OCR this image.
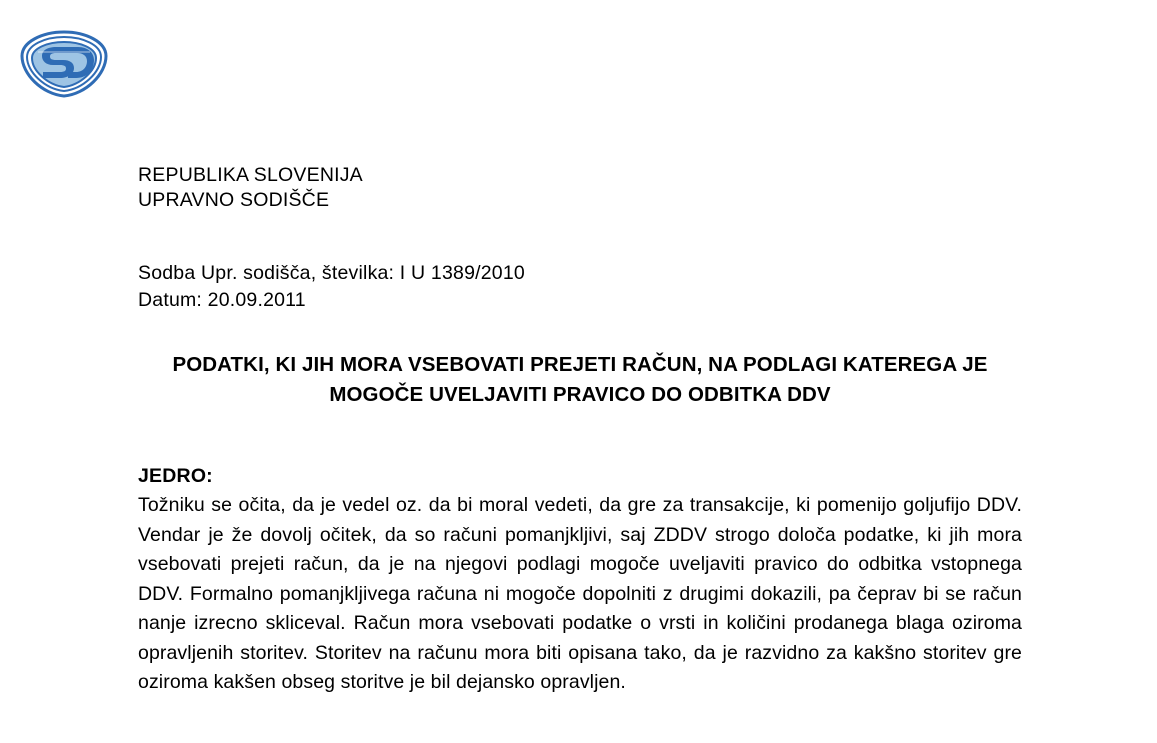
REPUBLIKA SLOVENIJA
UPRAVNO SODIŠČE
Sodba Upr. sodišča, številka: I U 1389/2010
Datum: 20.09.2011
PODATKI, KI JIH MORA VSEBOVATI PREJETI RAČUN, NA PODLAGI KATEREGA JE MOGOČE UVELJAVITI PRAVICO DO ODBITKA DDV
JEDRO:
Tožniku se očita, da je vedel oz. da bi moral vedeti, da gre za transakcije, ki pomenijo goljufijo DDV. Vendar je že dovolj očitek, da so računi pomanjkljivi, saj ZDDV strogo določa podatke, ki jih mora vsebovati prejeti račun, da je na njegovi podlagi mogoče uveljaviti pravico do odbitka vstopnega DDV. Formalno pomanjkljivega računa ni mogoče dopolniti z drugimi dokazili, pa čeprav bi se račun nanje izrecno skliceval. Račun mora vsebovati podatke o vrsti in količini prodanega blaga oziroma opravljenih storitev. Storitev na računu mora biti opisana tako, da je razvidno za kakšno storitev gre oziroma kakšen obseg storitve je bil dejansko opravljen.
